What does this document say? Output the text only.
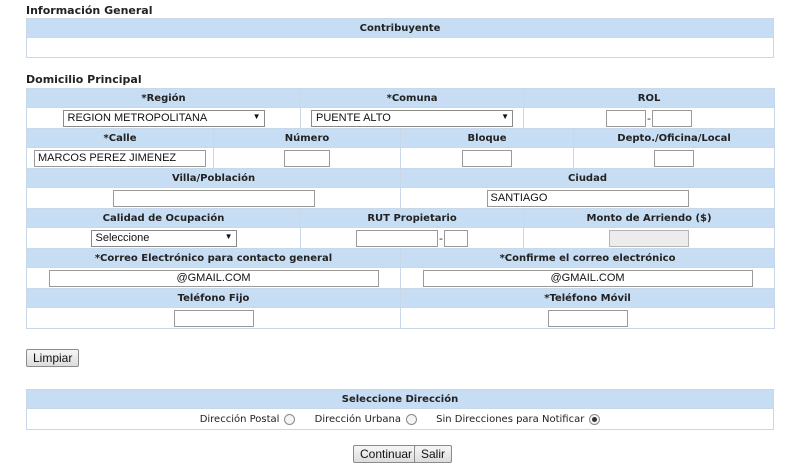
Información General
Contribuyente

Domicilio Principal
*Región		*Comuna		ROL	
REGION METROPOLITANA ▼		PUENTE ALTO ▼		-	
*Calle	Número		Bloque		Depto./Oficina/Local
MARCOS PEREZ JIMENEZ			
Villa/Población			Ciudad		
	SANTIAGO
Calidad de Ocupación		RUT Propietario		Monto de Arriendo ($)	
Seleccione ▼		-	
*Correo Electrónico para contacto general			*Confirme el correo electrónico		
@GMAIL.COM	@GMAIL.COM
Teléfono Fijo			*Teléfono Móvil		

Limpiar
Seleccione Dirección

Dirección Postal
	Dirección Urbana
	Sin Direcciones para Notificar
Continuar Salir
